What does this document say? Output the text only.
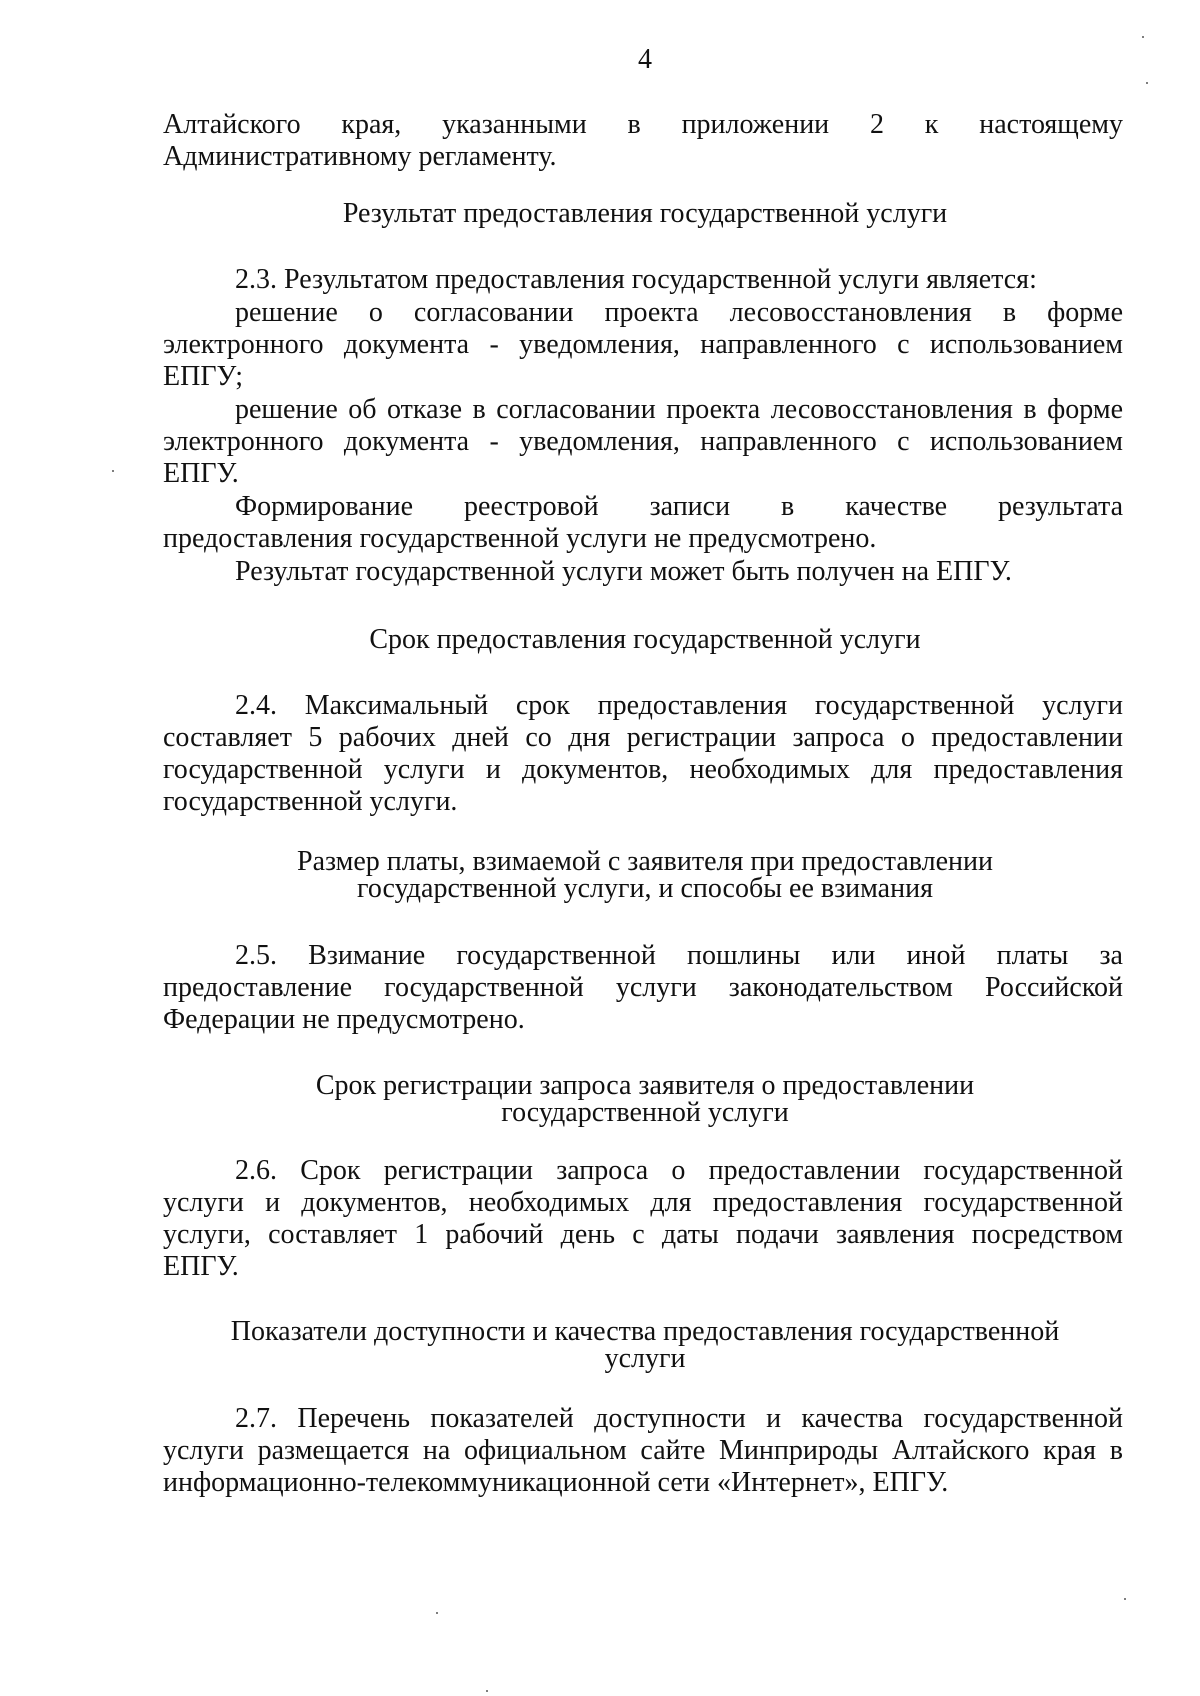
4
Алтайского края, указанными в приложении 2 к настоящему
Административному регламенту.
Результат предоставления государственной услуги
2.3. Результатом предоставления государственной услуги является:
решение о согласовании проекта лесовосстановления в форме
электронного документа - уведомления, направленного с использованием
ЕПГУ;
решение об отказе в согласовании проекта лесовосстановления в форме
электронного документа - уведомления, направленного с использованием
ЕПГУ.
Формирование реестровой записи в качестве результата
предоставления государственной услуги не предусмотрено.
Результат государственной услуги может быть получен на ЕПГУ.
Срок предоставления государственной услуги
2.4. Максимальный срок предоставления государственной услуги
составляет 5 рабочих дней со дня регистрации запроса о предоставлении
государственной услуги и документов, необходимых для предоставления
государственной услуги.
Размер платы, взимаемой с заявителя при предоставлении
государственной услуги, и способы ее взимания
2.5. Взимание государственной пошлины или иной платы за
предоставление государственной услуги законодательством Российской
Федерации не предусмотрено.
Срок регистрации запроса заявителя о предоставлении
государственной услуги
2.6. Срок регистрации запроса о предоставлении государственной
услуги и документов, необходимых для предоставления государственной
услуги, составляет 1 рабочий день с даты подачи заявления посредством
ЕПГУ.
Показатели доступности и качества предоставления государственной
услуги
2.7. Перечень показателей доступности и качества государственной
услуги размещается на официальном сайте Минприроды Алтайского края в
информационно-телекоммуникационной сети «Интернет», ЕПГУ.
